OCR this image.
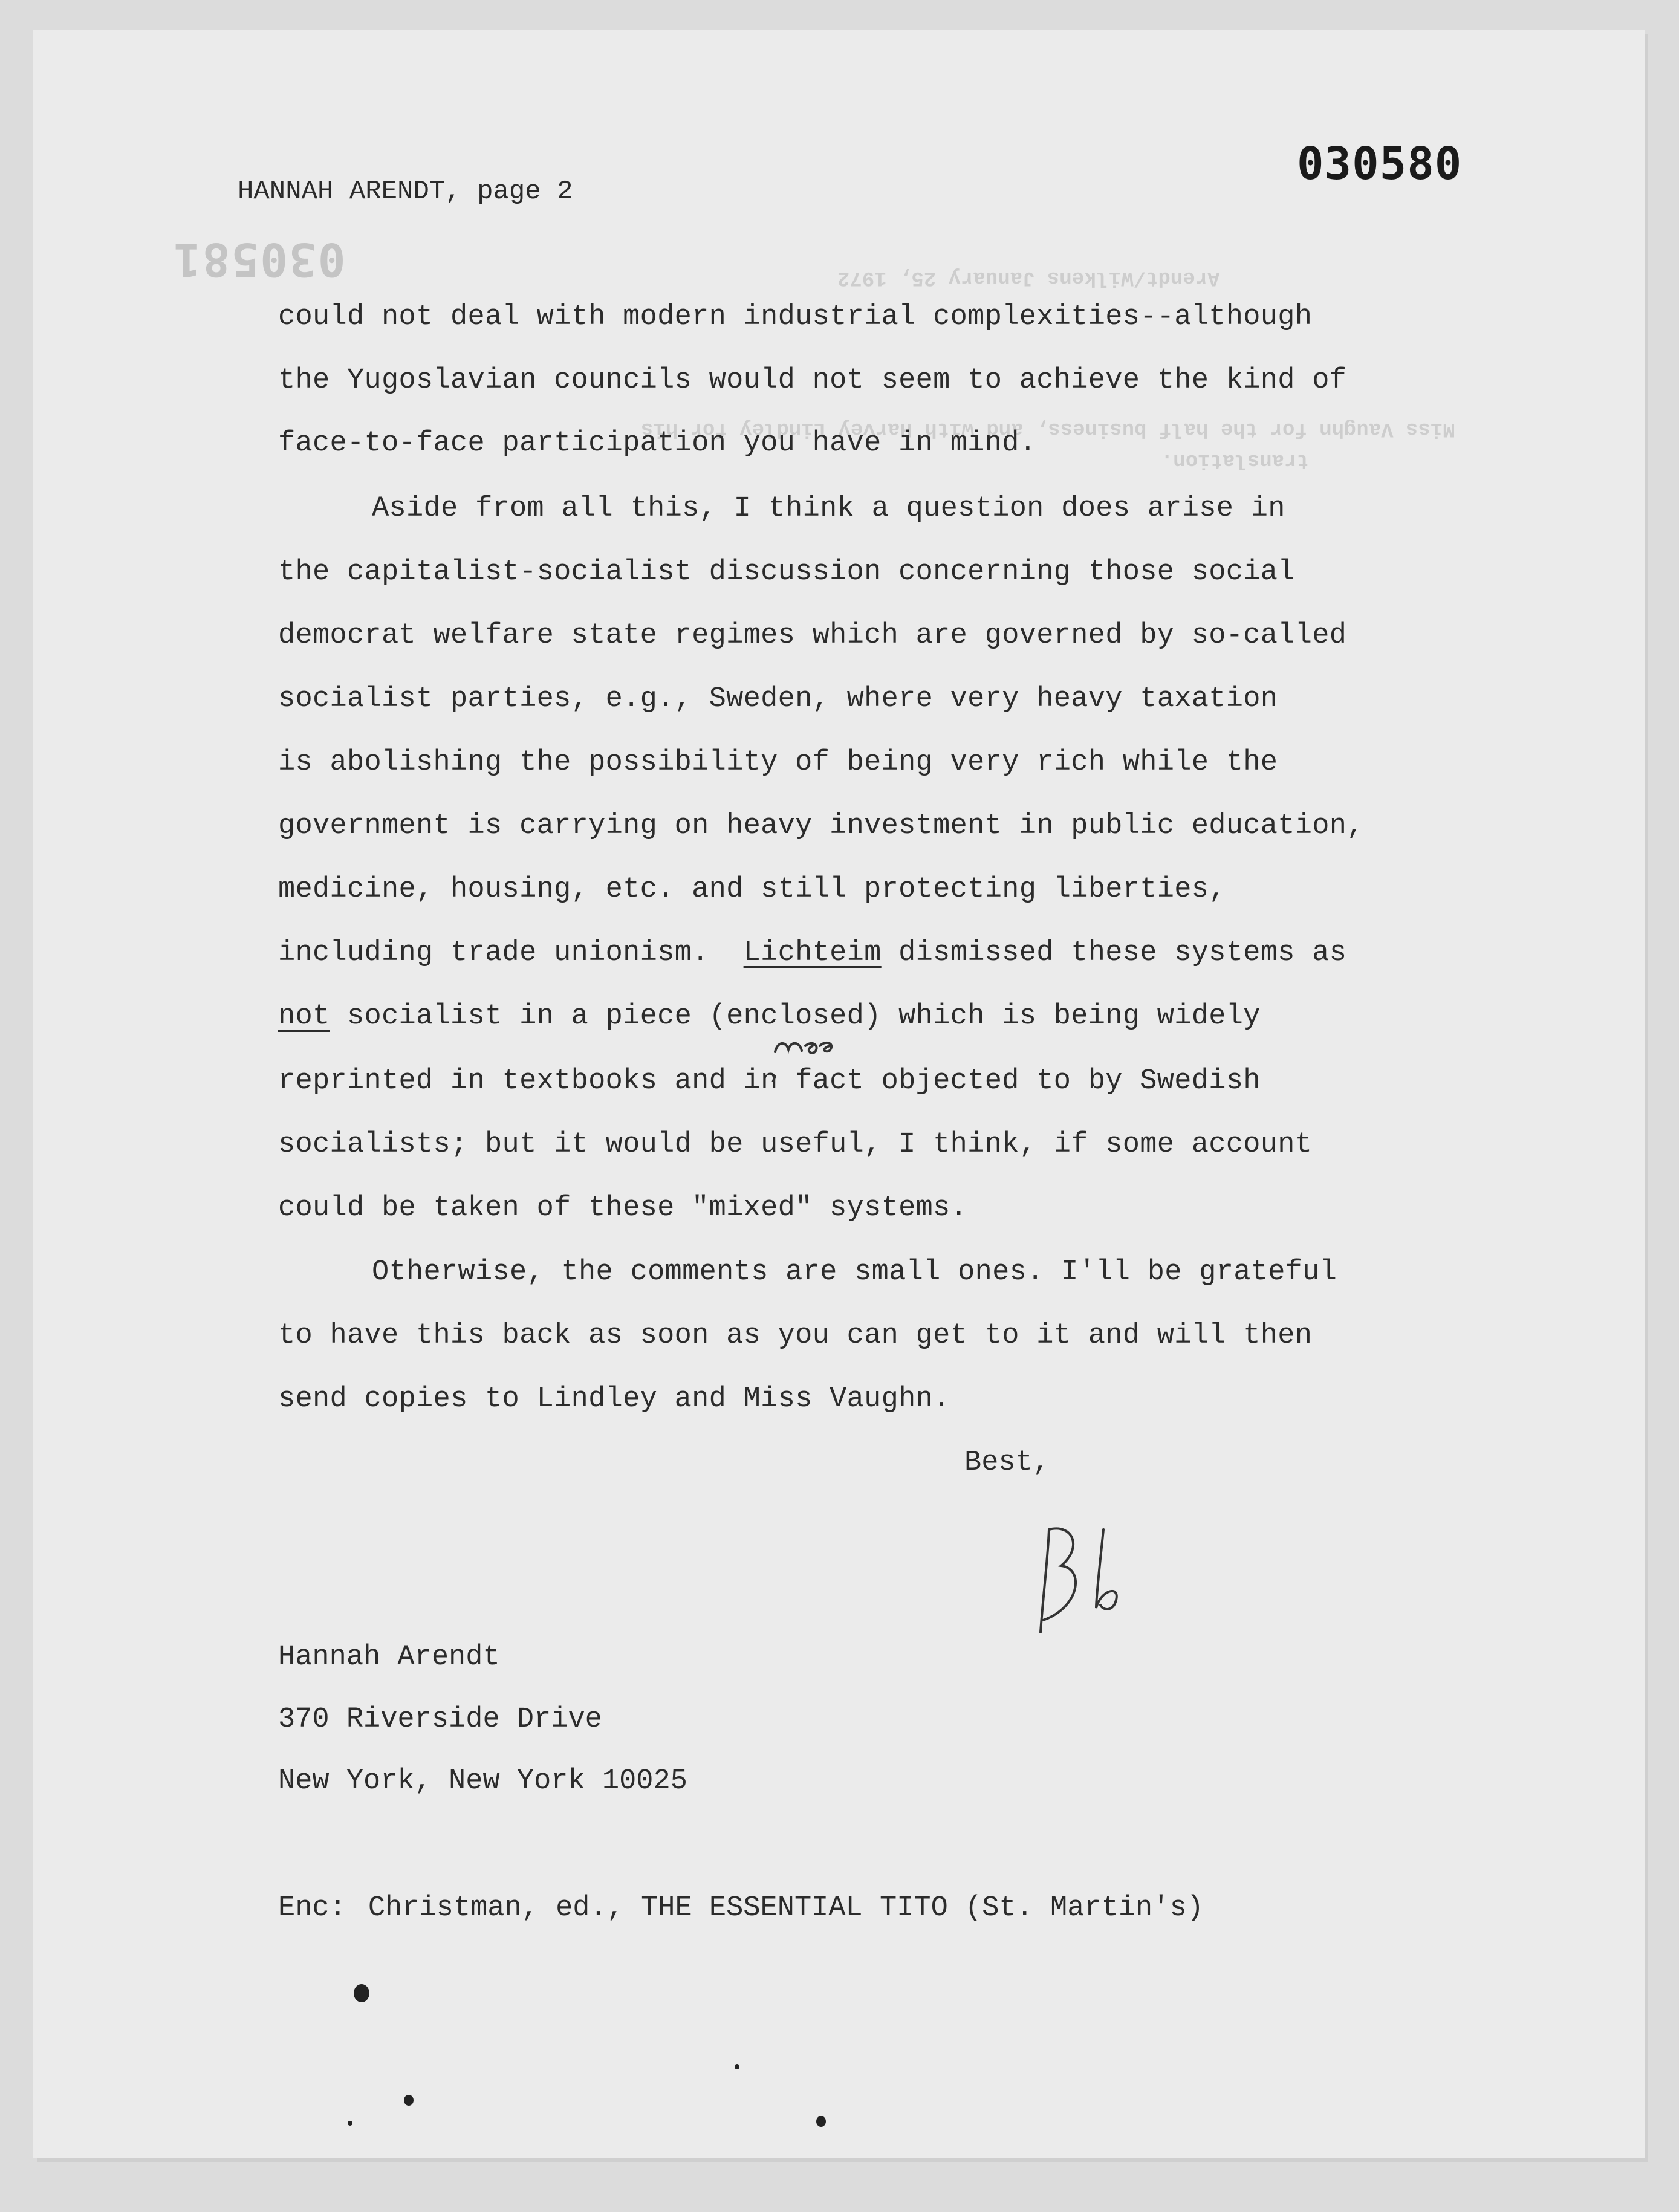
030581	Arendt/Wilkens January 25, 1972
Miss Vaughn for the half business, and with Harvey Lindley for his
translation.
030580
HANNAH ARENDT, page 2
could not deal with modern industrial complexities--although
the Yugoslavian councils would not seem to achieve the kind of
face-to-face participation you have in mind.
Aside from all this, I think a question does arise in
the capitalist-socialist discussion concerning those social
democrat welfare state regimes which are governed by so-called
socialist parties, e.g., Sweden, where very heavy taxation
is abolishing the possibility of being very rich while the
government is carrying on heavy investment in public education,
medicine, housing, etc. and still protecting liberties,
including trade unionism.  Lichteim dismissed these systems as
not socialist in a piece (enclosed) which is being widely
reprinted in textbooks and in fact objected to by Swedish
socialists; but it would be useful, I think, if some account
could be taken of these "mixed" systems.
Otherwise, the comments are small ones. I'll be grateful
to have this back as soon as you can get to it and will then
send copies to Lindley and Miss Vaughn.
Best,
Hannah Arendt
370 Riverside Drive
New York, New York 10025
Enc: Christman, ed., THE ESSENTIAL TITO (St. Martin's)
